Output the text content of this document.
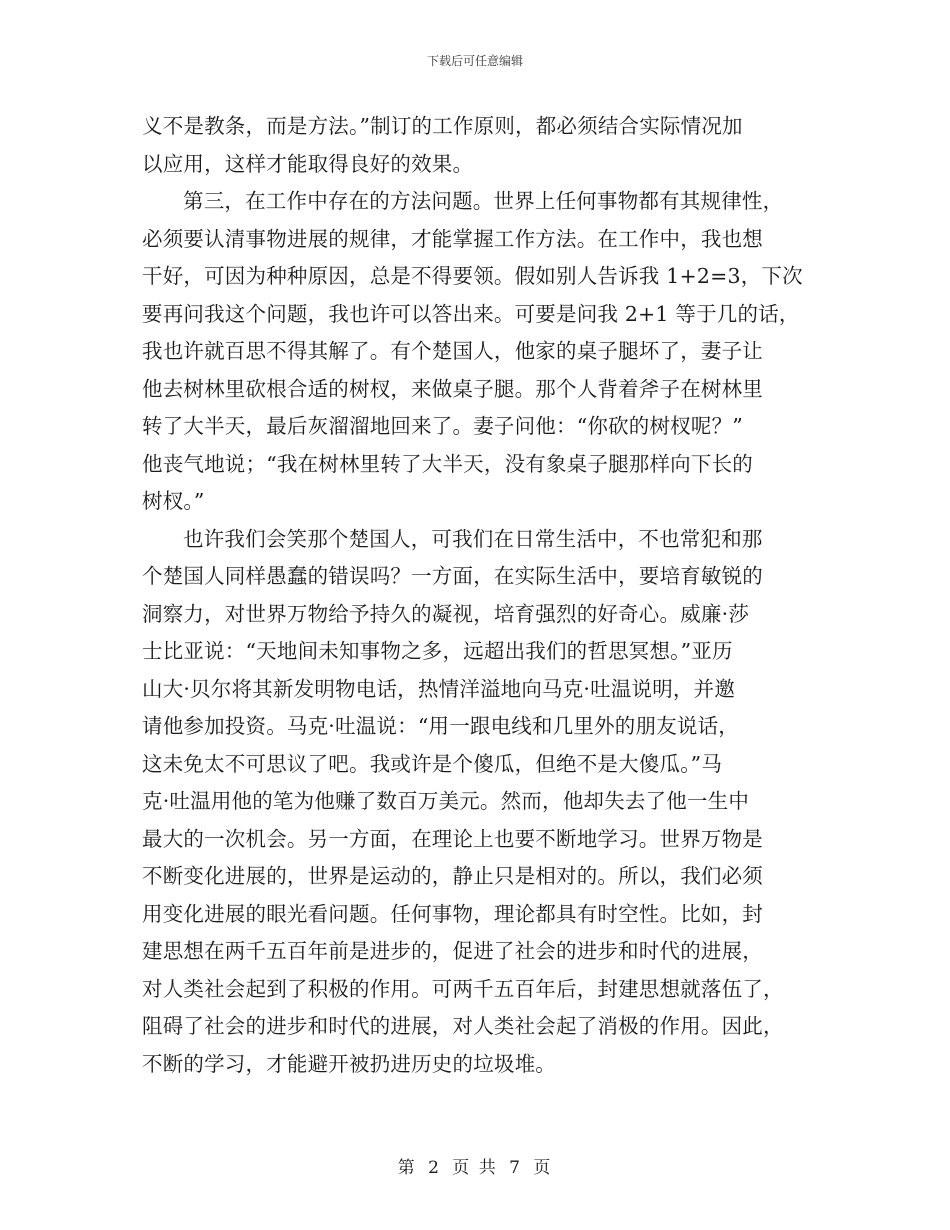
下载后可任意编辑
义不是教条，而是方法。”制订的工作原则，都必须结合实际情况加
以应用，这样才能取得良好的效果。
第三，在工作中存在的方法问题。世界上任何事物都有其规律性，
必须要认清事物进展的规律，才能掌握工作方法。在工作中，我也想
干好，可因为种种原因，总是不得要领。假如别人告诉我 1+2=3，下次
要再问我这个问题，我也许可以答出来。可要是问我 2+1 等于几的话，
我也许就百思不得其解了。有个楚国人，他家的桌子腿坏了，妻子让
他去树林里砍根合适的树杈，来做桌子腿。那个人背着斧子在树林里
转了大半天，最后灰溜溜地回来了。妻子问他：“你砍的树杈呢？”
他丧气地说；“我在树林里转了大半天，没有象桌子腿那样向下长的
树杈。”
也许我们会笑那个楚国人，可我们在日常生活中，不也常犯和那
个楚国人同样愚蠢的错误吗？一方面，在实际生活中，要培育敏锐的
洞察力，对世界万物给予持久的凝视，培育强烈的好奇心。威廉·莎
士比亚说：“天地间未知事物之多，远超出我们的哲思冥想。”亚历
山大·贝尔将其新发明物电话，热情洋溢地向马克·吐温说明，并邀
请他参加投资。马克·吐温说：“用一跟电线和几里外的朋友说话，
这未免太不可思议了吧。我或许是个傻瓜，但绝不是大傻瓜。”马
克·吐温用他的笔为他赚了数百万美元。然而，他却失去了他一生中
最大的一次机会。另一方面，在理论上也要不断地学习。世界万物是
不断变化进展的，世界是运动的，静止只是相对的。所以，我们必须
用变化进展的眼光看问题。任何事物，理论都具有时空性。比如，封
建思想在两千五百年前是进步的，促进了社会的进步和时代的进展，
对人类社会起到了积极的作用。可两千五百年后，封建思想就落伍了，
阻碍了社会的进步和时代的进展，对人类社会起了消极的作用。因此，
不断的学习，才能避开被扔进历史的垃圾堆。
第 2 页 共 7 页
